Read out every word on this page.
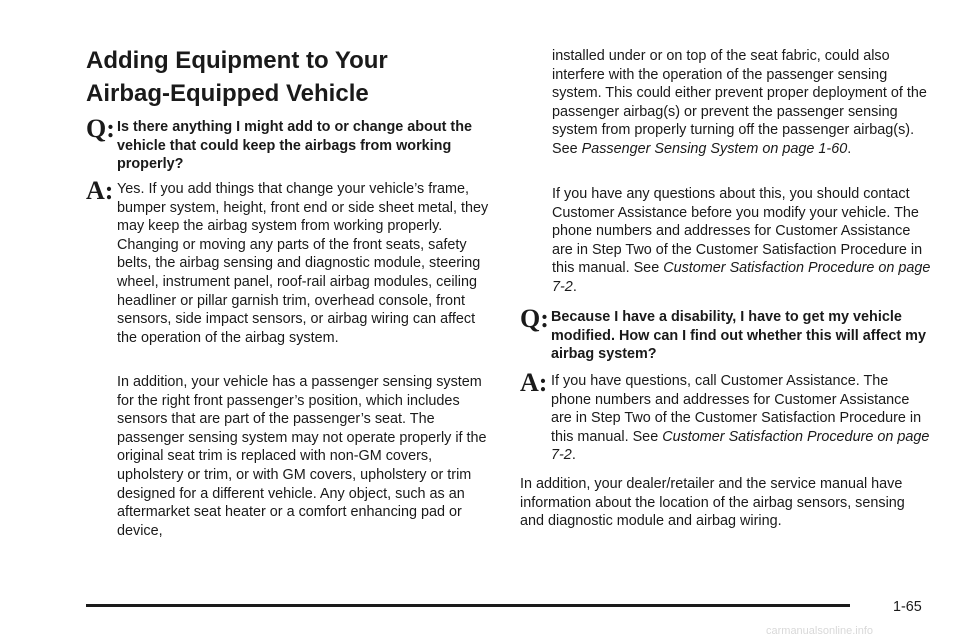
Adding Equipment to Your
Airbag-Equipped Vehicle
Q: Is there anything I might add to or change about the vehicle that could keep the airbags from working properly?

A: Yes. If you add things that change your vehicle’s frame, bumper system, height, front end or side sheet metal, they may keep the airbag system from working properly. Changing or moving any parts of the front seats, safety belts, the airbag sensing and diagnostic module, steering wheel, instrument panel, roof-rail airbag modules, ceiling headliner or pillar garnish trim, overhead console, front sensors, side impact sensors, or airbag wiring can affect the operation of the airbag system.

In addition, your vehicle has a passenger sensing system for the right front passenger’s position, which includes sensors that are part of the passenger’s seat. The passenger sensing system may not operate properly if the original seat trim is replaced with non-GM covers, upholstery or trim, or with GM covers, upholstery or trim designed for a different vehicle. Any object, such as an aftermarket seat heater or a comfort enhancing pad or device,

installed under or on top of the seat fabric, could also interfere with the operation of the passenger sensing system. This could either prevent proper deployment of the passenger airbag(s) or prevent the passenger sensing system from properly turning off the passenger airbag(s). See Passenger Sensing System on page 1-60.

If you have any questions about this, you should contact Customer Assistance before you modify your vehicle. The phone numbers and addresses for Customer Assistance are in Step Two of the Customer Satisfaction Procedure in this manual. See Customer Satisfaction Procedure on page 7-2.

Q: Because I have a disability, I have to get my vehicle modified. How can I find out whether this will affect my airbag system?

A: If you have questions, call Customer Assistance. The phone numbers and addresses for Customer Assistance are in Step Two of the Customer Satisfaction Procedure in this manual. See Customer Satisfaction Procedure on page 7-2.

In addition, your dealer/retailer and the service manual have information about the location of the airbag sensors, sensing and diagnostic module and airbag wiring.

1-65
carmanualsonline.info
